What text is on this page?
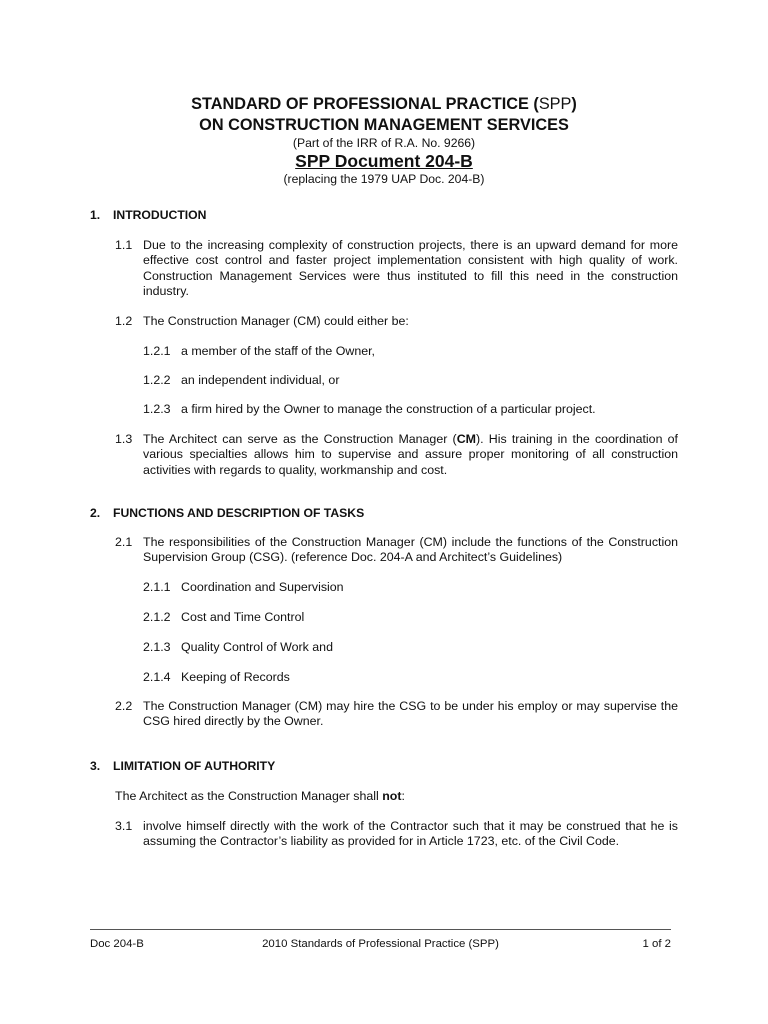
STANDARD OF PROFESSIONAL PRACTICE (SPP)
ON CONSTRUCTION MANAGEMENT SERVICES
(Part of the IRR of R.A. No. 9266)
SPP Document 204-B
(replacing the 1979 UAP Doc. 204-B)
1. INTRODUCTION
1.1 Due to the increasing complexity of construction projects, there is an upward demand for more effective cost control and faster project implementation consistent with high quality of work. Construction Management Services were thus instituted to fill this need in the construction industry.
1.2 The Construction Manager (CM) could either be:
1.2.1 a member of the staff of the Owner,
1.2.2 an independent individual, or
1.2.3 a firm hired by the Owner to manage the construction of a particular project.
1.3 The Architect can serve as the Construction Manager (CM). His training in the coordination of various specialties allows him to supervise and assure proper monitoring of all construction activities with regards to quality, workmanship and cost.
2. FUNCTIONS AND DESCRIPTION OF TASKS
2.1 The responsibilities of the Construction Manager (CM) include the functions of the Construction Supervision Group (CSG). (reference Doc. 204-A and Architect’s Guidelines)
2.1.1 Coordination and Supervision
2.1.2 Cost and Time Control
2.1.3 Quality Control of Work and
2.1.4 Keeping of Records
2.2 The Construction Manager (CM) may hire the CSG to be under his employ or may supervise the CSG hired directly by the Owner.
3. LIMITATION OF AUTHORITY
The Architect as the Construction Manager shall not:
3.1 involve himself directly with the work of the Contractor such that it may be construed that he is assuming the Contractor’s liability as provided for in Article 1723, etc. of the Civil Code.
Doc 204-B	2010 Standards of Professional Practice (SPP)	1 of 2
